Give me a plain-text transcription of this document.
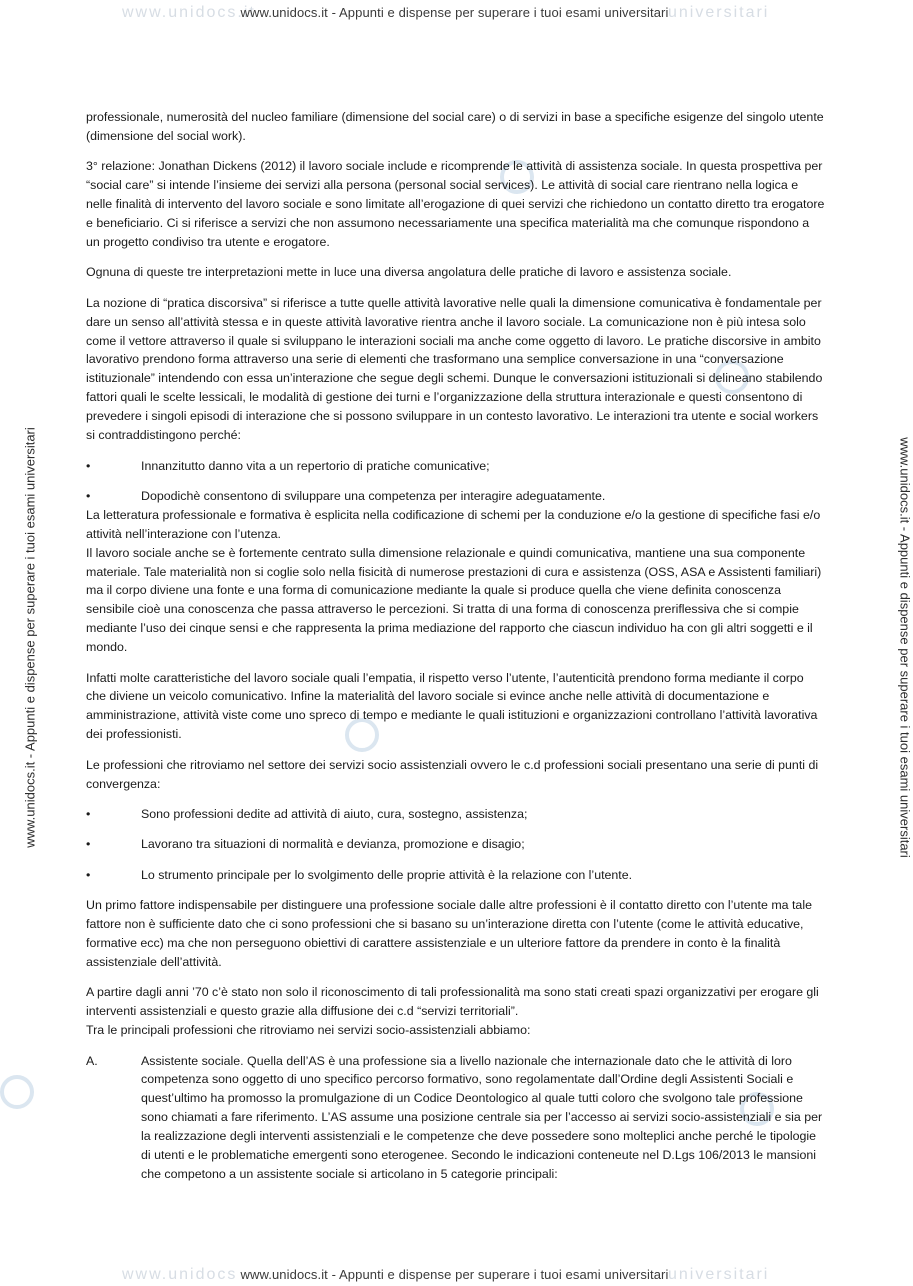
www.unidocs.it	universitari
www.unidocs.it - Appunti e dispense per superare i tuoi esami universitari
www.unidocs	universitari
www.unidocs.it - Appunti e dispense per superare i tuoi esami universitari
www.unidocs.it - Appunti e dispense per superare i tuoi esami universitari	www.unidocs.it - Appunti e dispense per superare i tuoi esami universitari

professionale, numerosità del nucleo familiare (dimensione del social care) o di servizi in base a specifiche esigenze del singolo utente (dimensione del social work).

3° relazione: Jonathan Dickens (2012) il lavoro sociale include e ricomprende le attività di assistenza sociale. In questa prospettiva per “social care” si intende l’insieme dei servizi alla persona (personal social services). Le attività di social care rientrano nella logica e nelle finalità di intervento del lavoro sociale e sono limitate all’erogazione di quei servizi che richiedono un contatto diretto tra erogatore e beneficiario. Ci si riferisce a servizi che non assumono necessariamente una specifica materialità ma che comunque rispondono a un progetto condiviso tra utente e erogatore.

Ognuna di queste tre interpretazioni mette in luce una diversa angolatura delle pratiche di lavoro e assistenza sociale.

La nozione di “pratica discorsiva” si riferisce a tutte quelle attività lavorative nelle quali la dimensione comunicativa è fondamentale per dare un senso all’attività stessa e in queste attività lavorative rientra anche il lavoro sociale. La comunicazione non è più intesa solo come il vettore attraverso il quale si sviluppano le interazioni sociali ma anche come oggetto di lavoro. Le pratiche discorsive in ambito lavorativo prendono forma attraverso una serie di elementi che trasformano una semplice conversazione in una “conversazione istituzionale” intendendo con essa un’interazione che segue degli schemi. Dunque le conversazioni istituzionali si delineano stabilendo fattori quali le scelte lessicali, le modalità di gestione dei turni e l’organizzazione della struttura interazionale e questi consentono di prevedere i singoli episodi di interazione che si possono sviluppare in un contesto lavorativo. Le interazioni tra utente e social workers si contraddistingono perché:

•	Innanzitutto danno vita a un repertorio di pratiche comunicative;
•	Dopodichè consentono di sviluppare una competenza per interagire adeguatamente.

La letteratura professionale e formativa è esplicita nella codificazione di schemi per la conduzione e/o la gestione di specifiche fasi e/o attività nell’interazione con l’utenza.

Il lavoro sociale anche se è fortemente centrato sulla dimensione relazionale e quindi comunicativa, mantiene una sua componente materiale. Tale materialità non si coglie solo nella fisicità di numerose prestazioni di cura e assistenza (OSS, ASA e Assistenti familiari) ma il corpo diviene una fonte e una forma di comunicazione mediante la quale si produce quella che viene definita conoscenza sensibile cioè una conoscenza che passa attraverso le percezioni. Si tratta di una forma di conoscenza preriflessiva che si compie mediante l’uso dei cinque sensi e che rappresenta la prima mediazione del rapporto che ciascun individuo ha con gli altri soggetti e il mondo.

Infatti molte caratteristiche del lavoro sociale quali l’empatia, il rispetto verso l’utente, l’autenticità prendono forma mediante il corpo che diviene un veicolo comunicativo. Infine la materialità del lavoro sociale si evince anche nelle attività di documentazione e amministrazione, attività viste come uno spreco di tempo e mediante le quali istituzioni e organizzazioni controllano l’attività lavorativa dei professionisti.

Le professioni che ritroviamo nel settore dei servizi socio assistenziali ovvero le c.d professioni sociali presentano una serie di punti di convergenza:

•	Sono professioni dedite ad attività di aiuto, cura, sostegno, assistenza;
•	Lavorano tra situazioni di normalità e devianza, promozione e disagio;
•	Lo strumento principale per lo svolgimento delle proprie attività è la relazione con l’utente.

Un primo fattore indispensabile per distinguere una professione sociale dalle altre professioni è il contatto diretto con l’utente ma tale fattore non è sufficiente dato che ci sono professioni che si basano su un’interazione diretta con l’utente (come le attività educative, formative ecc) ma che non perseguono obiettivi di carattere assistenziale e un ulteriore fattore da prendere in conto è la finalità assistenziale dell’attività.

A partire dagli anni ’70 c’è stato non solo il riconoscimento di tali professionalità ma sono stati creati spazi organizzativi per erogare gli interventi assistenziali e questo grazie alla diffusione dei c.d “servizi territoriali”.

Tra le principali professioni che ritroviamo nei servizi socio-assistenziali abbiamo:

A.	Assistente sociale. Quella dell’AS è una professione sia a livello nazionale che internazionale dato che le attività di loro competenza sono oggetto di uno specifico percorso formativo, sono regolamentate dall’Ordine degli Assistenti Sociali e quest’ultimo ha promosso la promulgazione di un Codice Deontologico al quale tutti coloro che svolgono tale professione sono chiamati a fare riferimento. L’AS assume una posizione centrale sia per l’accesso ai servizi socio-assistenziali e sia per la realizzazione degli interventi assistenziali e le competenze che deve possedere sono molteplici anche perché le tipologie di utenti e le problematiche emergenti sono eterogenee. Secondo le indicazioni conteneute nel D.Lgs 106/2013 le mansioni che competono a un assistente sociale si articolano in 5 categorie principali:
